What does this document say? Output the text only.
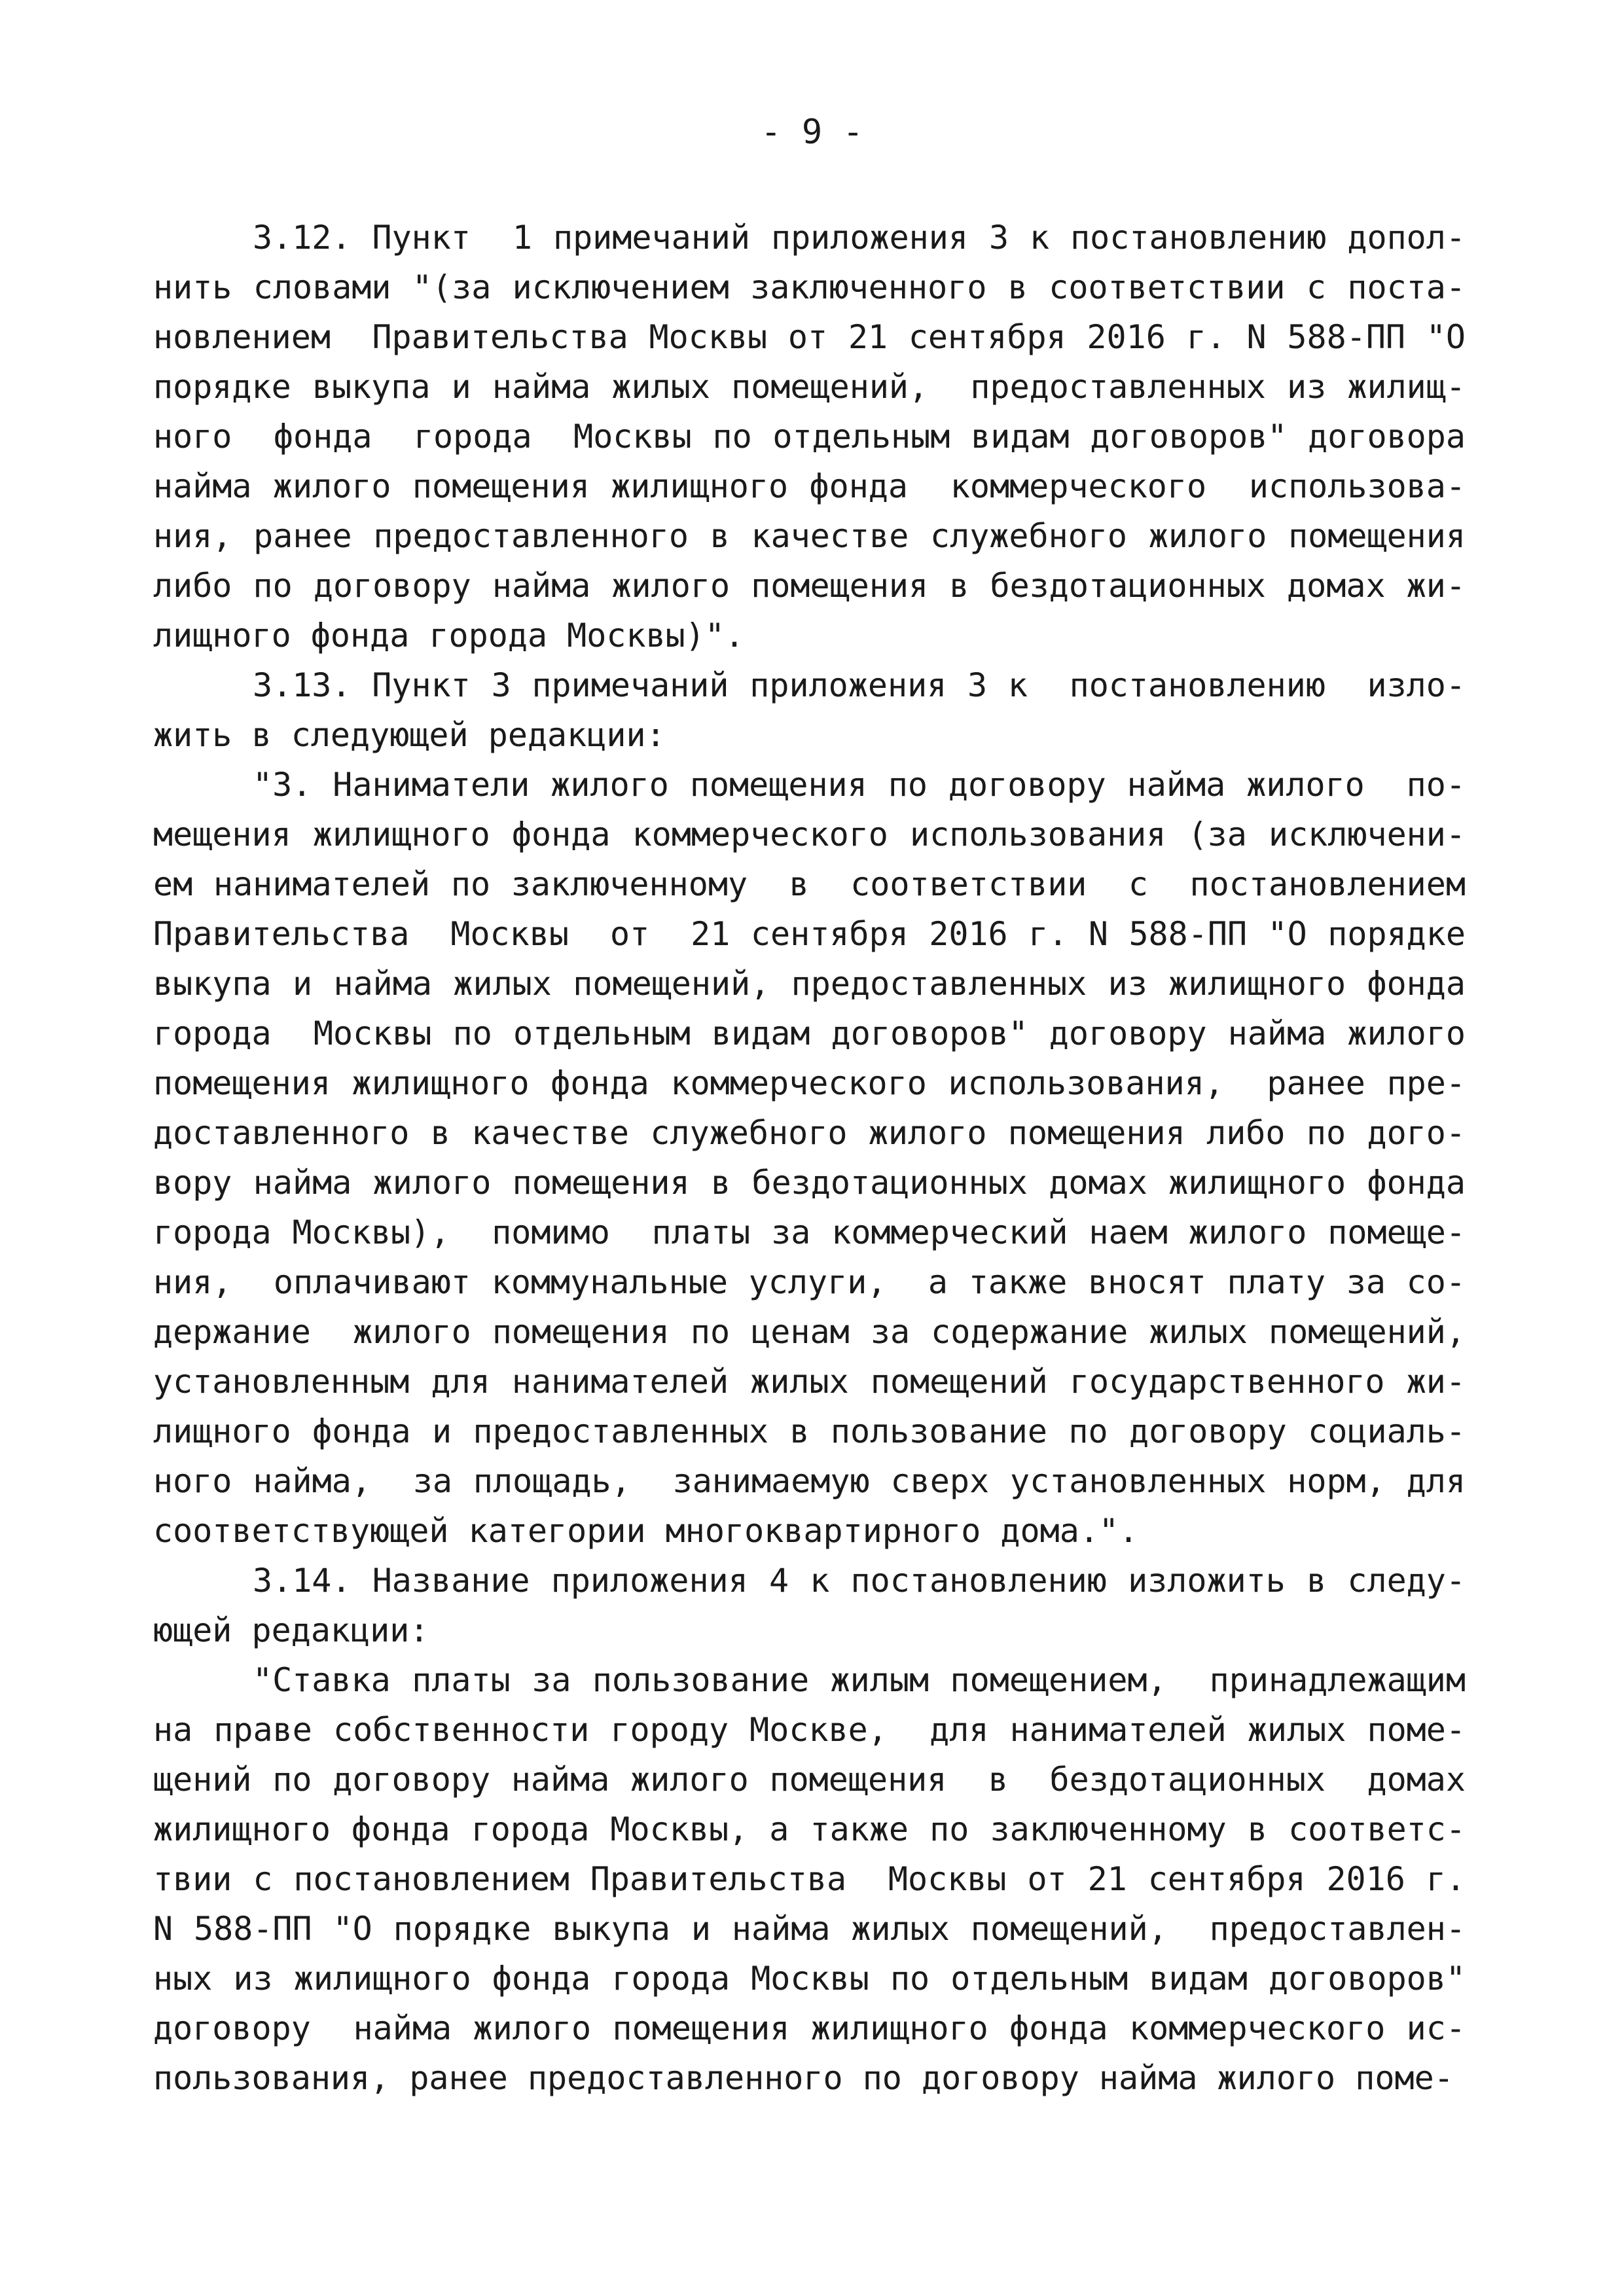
- 9 -
3.12. Пункт  1 примечаний приложения 3 к постановлению допол-
нить словами "(за исключением заключенного в соответствии с поста-
новлением  Правительства Москвы от 21 сентября 2016 г. N 588-ПП "О
порядке выкупа и найма жилых помещений,  предоставленных из жилищ-
ного  фонда  города  Москвы по отдельным видам договоров" договора
найма жилого помещения жилищного фонда  коммерческого  использова-
ния, ранее предоставленного в качестве служебного жилого помещения
либо по договору найма жилого помещения в бездотационных домах жи-
лищного фонда города Москвы)".
3.13. Пункт 3 примечаний приложения 3 к  постановлению  изло-
жить в следующей редакции:
"3. Наниматели жилого помещения по договору найма жилого  по-
мещения жилищного фонда коммерческого использования (за исключени-
ем нанимателей по заключенному  в  соответствии  с  постановлением
Правительства  Москвы  от  21 сентября 2016 г. N 588-ПП "О порядке
выкупа и найма жилых помещений, предоставленных из жилищного фонда
города  Москвы по отдельным видам договоров" договору найма жилого
помещения жилищного фонда коммерческого использования,  ранее пре-
доставленного в качестве служебного жилого помещения либо по дого-
вору найма жилого помещения в бездотационных домах жилищного фонда
города Москвы),  помимо  платы за коммерческий наем жилого помеще-
ния,  оплачивают коммунальные услуги,  а также вносят плату за со-
держание  жилого помещения по ценам за содержание жилых помещений,
установленным для нанимателей жилых помещений государственного жи-
лищного фонда и предоставленных в пользование по договору социаль-
ного найма,  за площадь,  занимаемую сверх установленных норм, для
соответствующей категории многоквартирного дома.".
3.14. Название приложения 4 к постановлению изложить в следу-
ющей редакции:
"Ставка платы за пользование жилым помещением,  принадлежащим
на праве собственности городу Москве,  для нанимателей жилых поме-
щений по договору найма жилого помещения  в  бездотационных  домах
жилищного фонда города Москвы, а также по заключенному в соответс-
твии с постановлением Правительства  Москвы от 21 сентября 2016 г.
N 588-ПП "О порядке выкупа и найма жилых помещений,  предоставлен-
ных из жилищного фонда города Москвы по отдельным видам договоров"
договору  найма жилого помещения жилищного фонда коммерческого ис-
пользования, ранее предоставленного по договору найма жилого поме-
